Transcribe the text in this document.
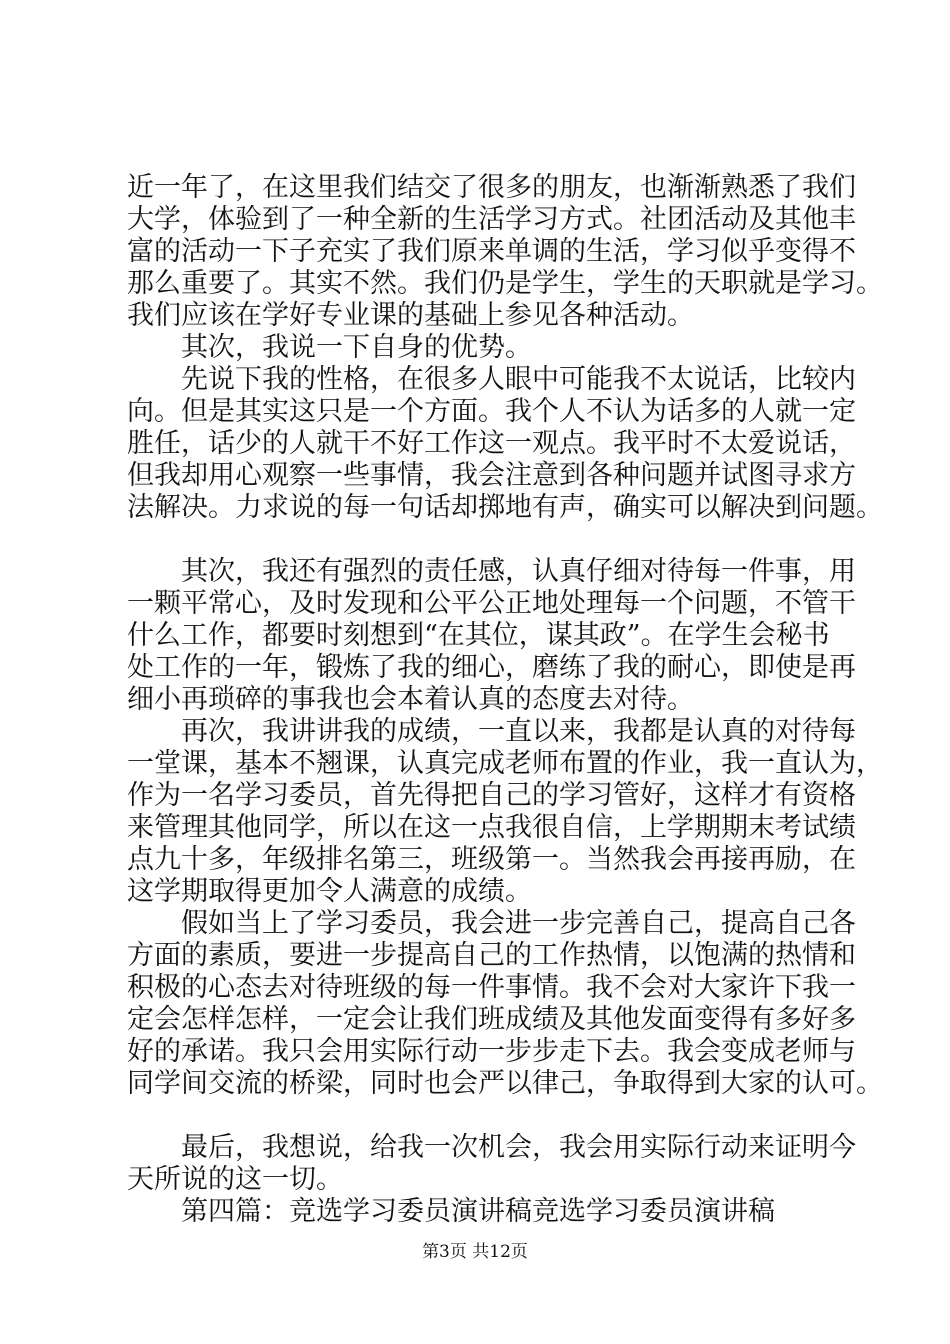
近一年了，在这里我们结交了很多的朋友，也渐渐熟悉了我们
大学，体验到了一种全新的生活学习方式。社团活动及其他丰
富的活动一下子充实了我们原来单调的生活，学习似乎变得不
那么重要了。其实不然。我们仍是学生，学生的天职就是学习。
我们应该在学好专业课的基础上参见各种活动。
其次，我说一下自身的优势。
先说下我的性格，在很多人眼中可能我不太说话，比较内
向。但是其实这只是一个方面。我个人不认为话多的人就一定
胜任，话少的人就干不好工作这一观点。我平时不太爱说话，
但我却用心观察一些事情，我会注意到各种问题并试图寻求方
法解决。力求说的每一句话却掷地有声，确实可以解决到问题。
其次，我还有强烈的责任感，认真仔细对待每一件事，用
一颗平常心，及时发现和公平公正地处理每一个问题，不管干
什么工作，都要时刻想到“在其位，谋其政”。在学生会秘书
处工作的一年，锻炼了我的细心，磨练了我的耐心，即使是再
细小再琐碎的事我也会本着认真的态度去对待。
再次，我讲讲我的成绩，一直以来，我都是认真的对待每
一堂课，基本不翘课，认真完成老师布置的作业，我一直认为，
作为一名学习委员，首先得把自己的学习管好，这样才有资格
来管理其他同学，所以在这一点我很自信，上学期期末考试绩
点九十多，年级排名第三，班级第一。当然我会再接再励，在
这学期取得更加令人满意的成绩。
假如当上了学习委员，我会进一步完善自己，提高自己各
方面的素质，要进一步提高自己的工作热情，以饱满的热情和
积极的心态去对待班级的每一件事情。我不会对大家许下我一
定会怎样怎样，一定会让我们班成绩及其他发面变得有多好多
好的承诺。我只会用实际行动一步步走下去。我会变成老师与
同学间交流的桥梁，同时也会严以律己，争取得到大家的认可。
最后，我想说，给我一次机会，我会用实际行动来证明今
天所说的这一切。
第四篇：竞选学习委员演讲稿竞选学习委员演讲稿
第3页 共12页
